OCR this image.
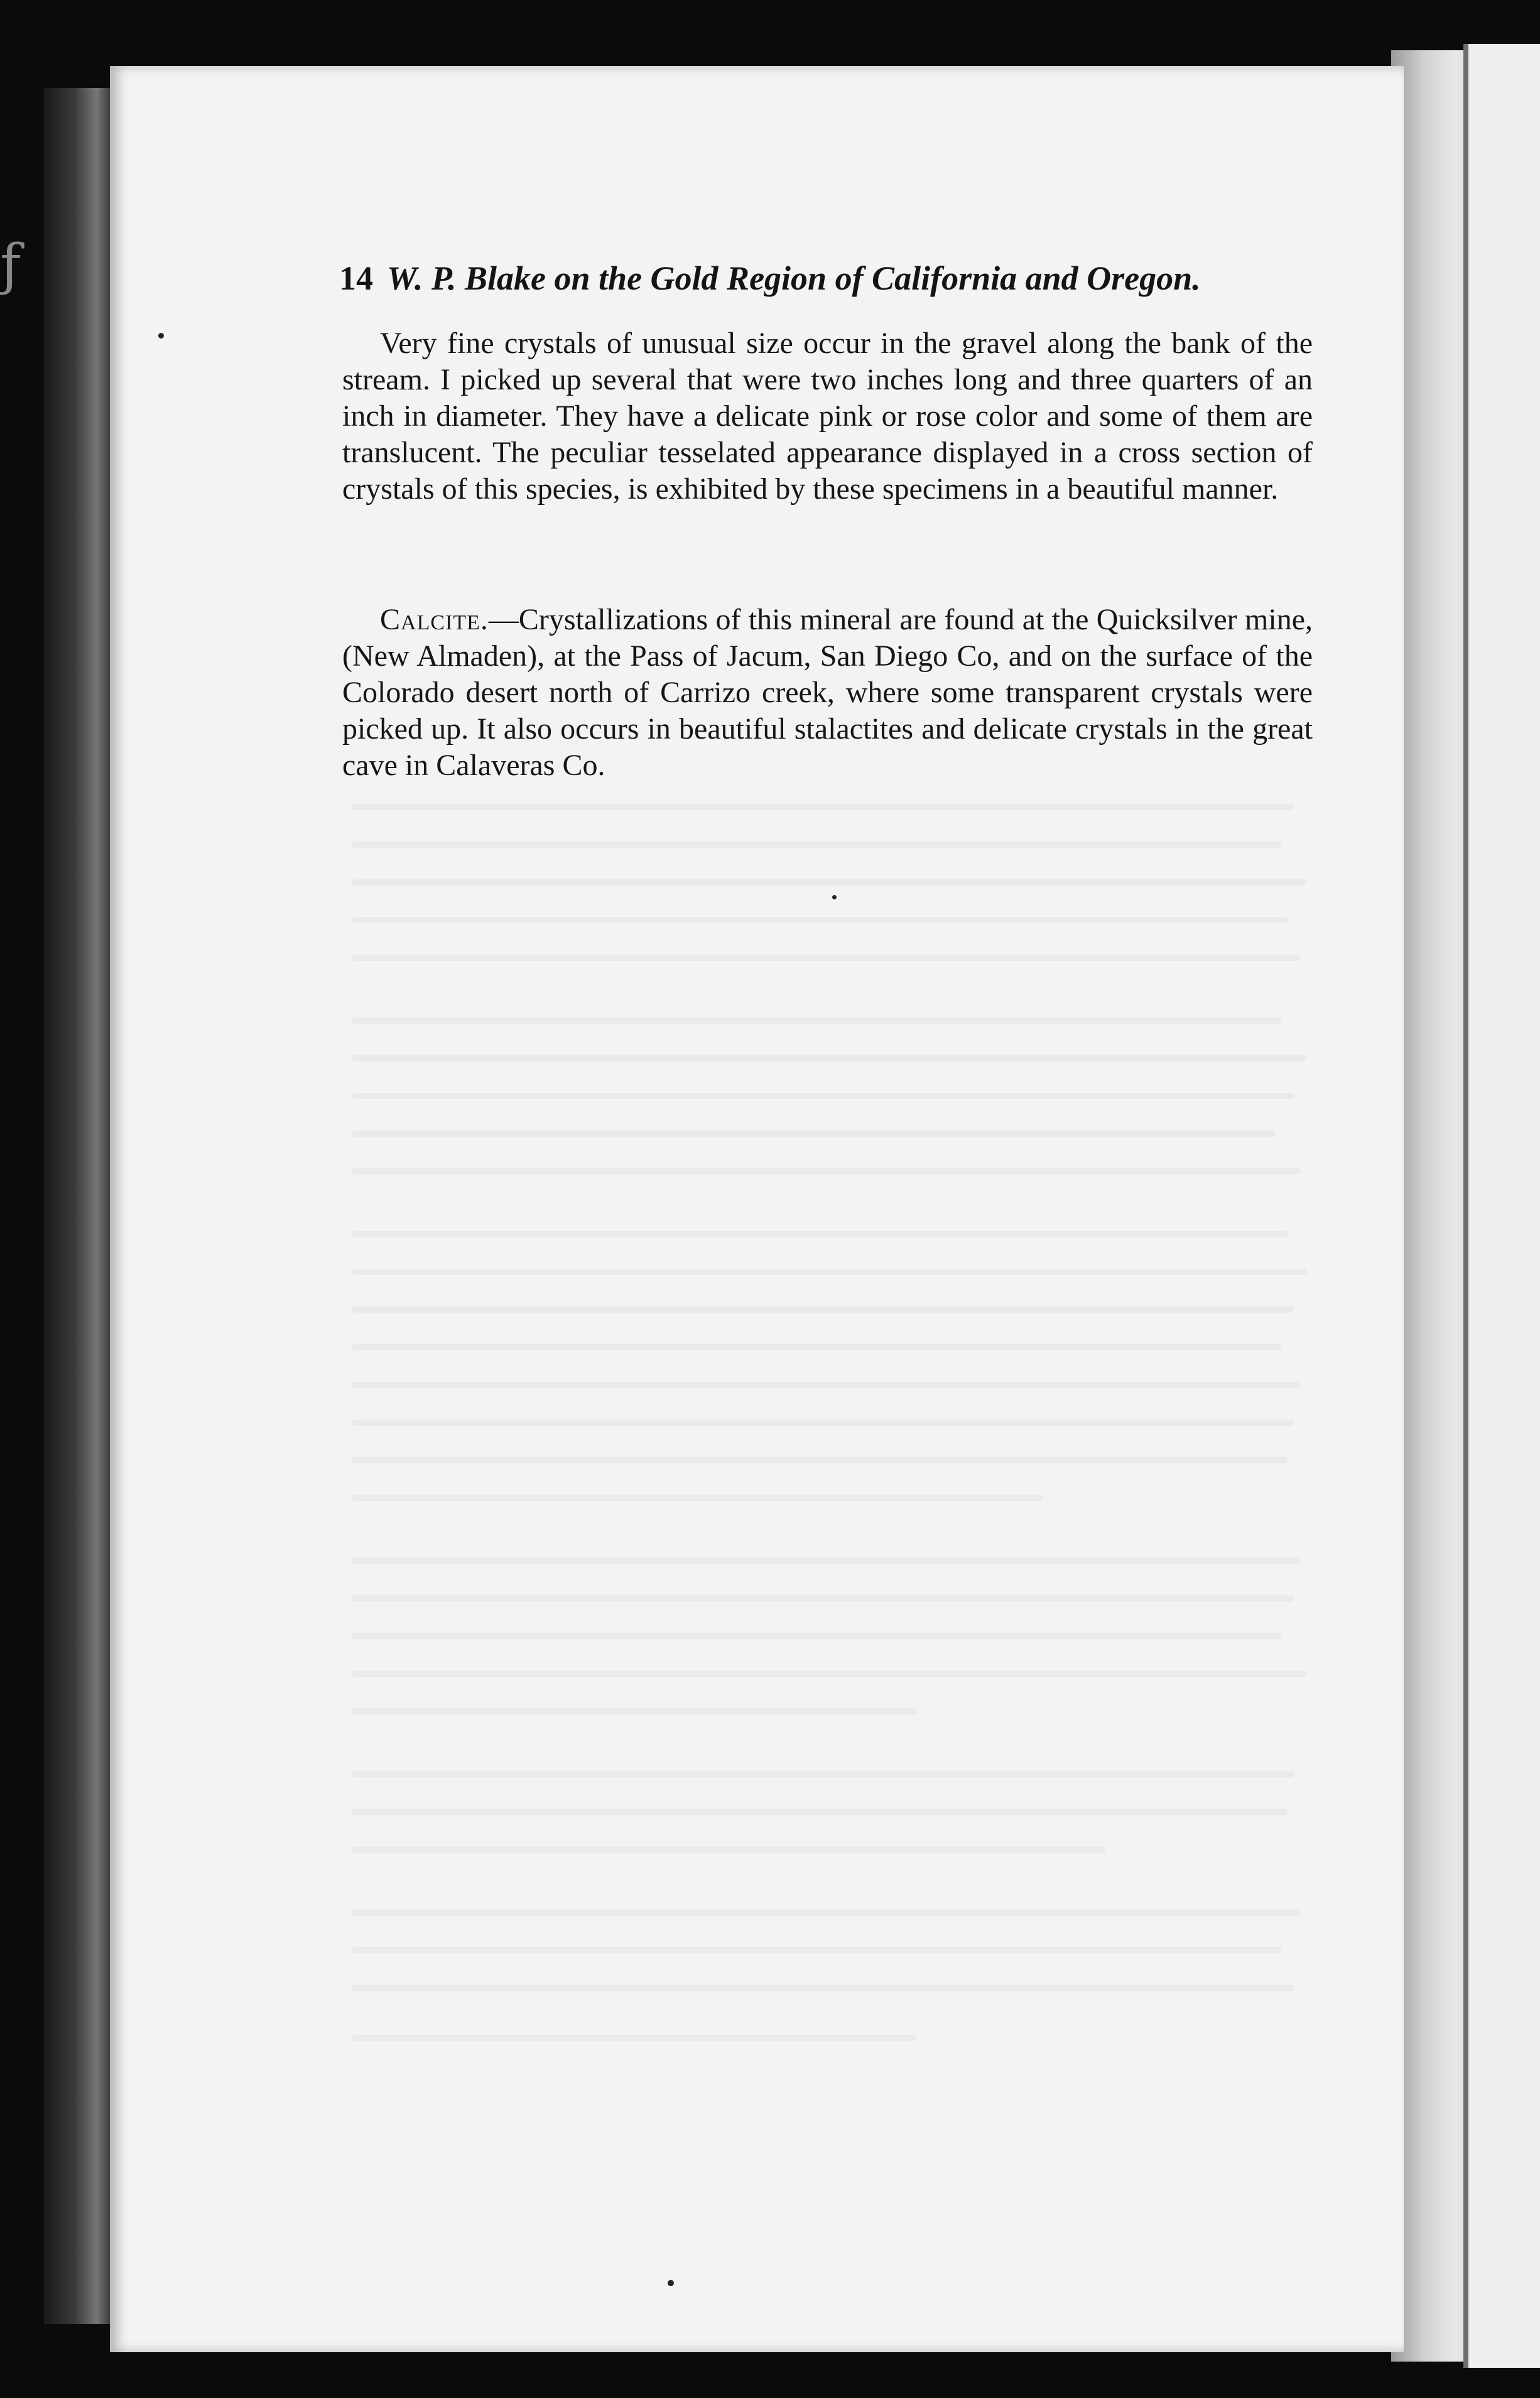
14 W. P. Blake on the Gold Region of California and Oregon.

Very fine crystals of unusual size occur in the gravel along the bank of the stream. I picked up several that were two inches long and three quarters of an inch in diameter. They have a delicate pink or rose color and some of them are translucent. The peculiar tesselated appearance displayed in a cross section of crystals of this species, is exhibited by these specimens in a beautiful manner.

Calcite.—Crystallizations of this mineral are found at the Quicksilver mine, (New Almaden), at the Pass of Jacum, San Diego Co, and on the surface of the Colorado desert north of Carrizo creek, where some transparent crystals were picked up. It also occurs in beautiful stalactites and delicate crystals in the great cave in Calaveras Co.

ƒ
